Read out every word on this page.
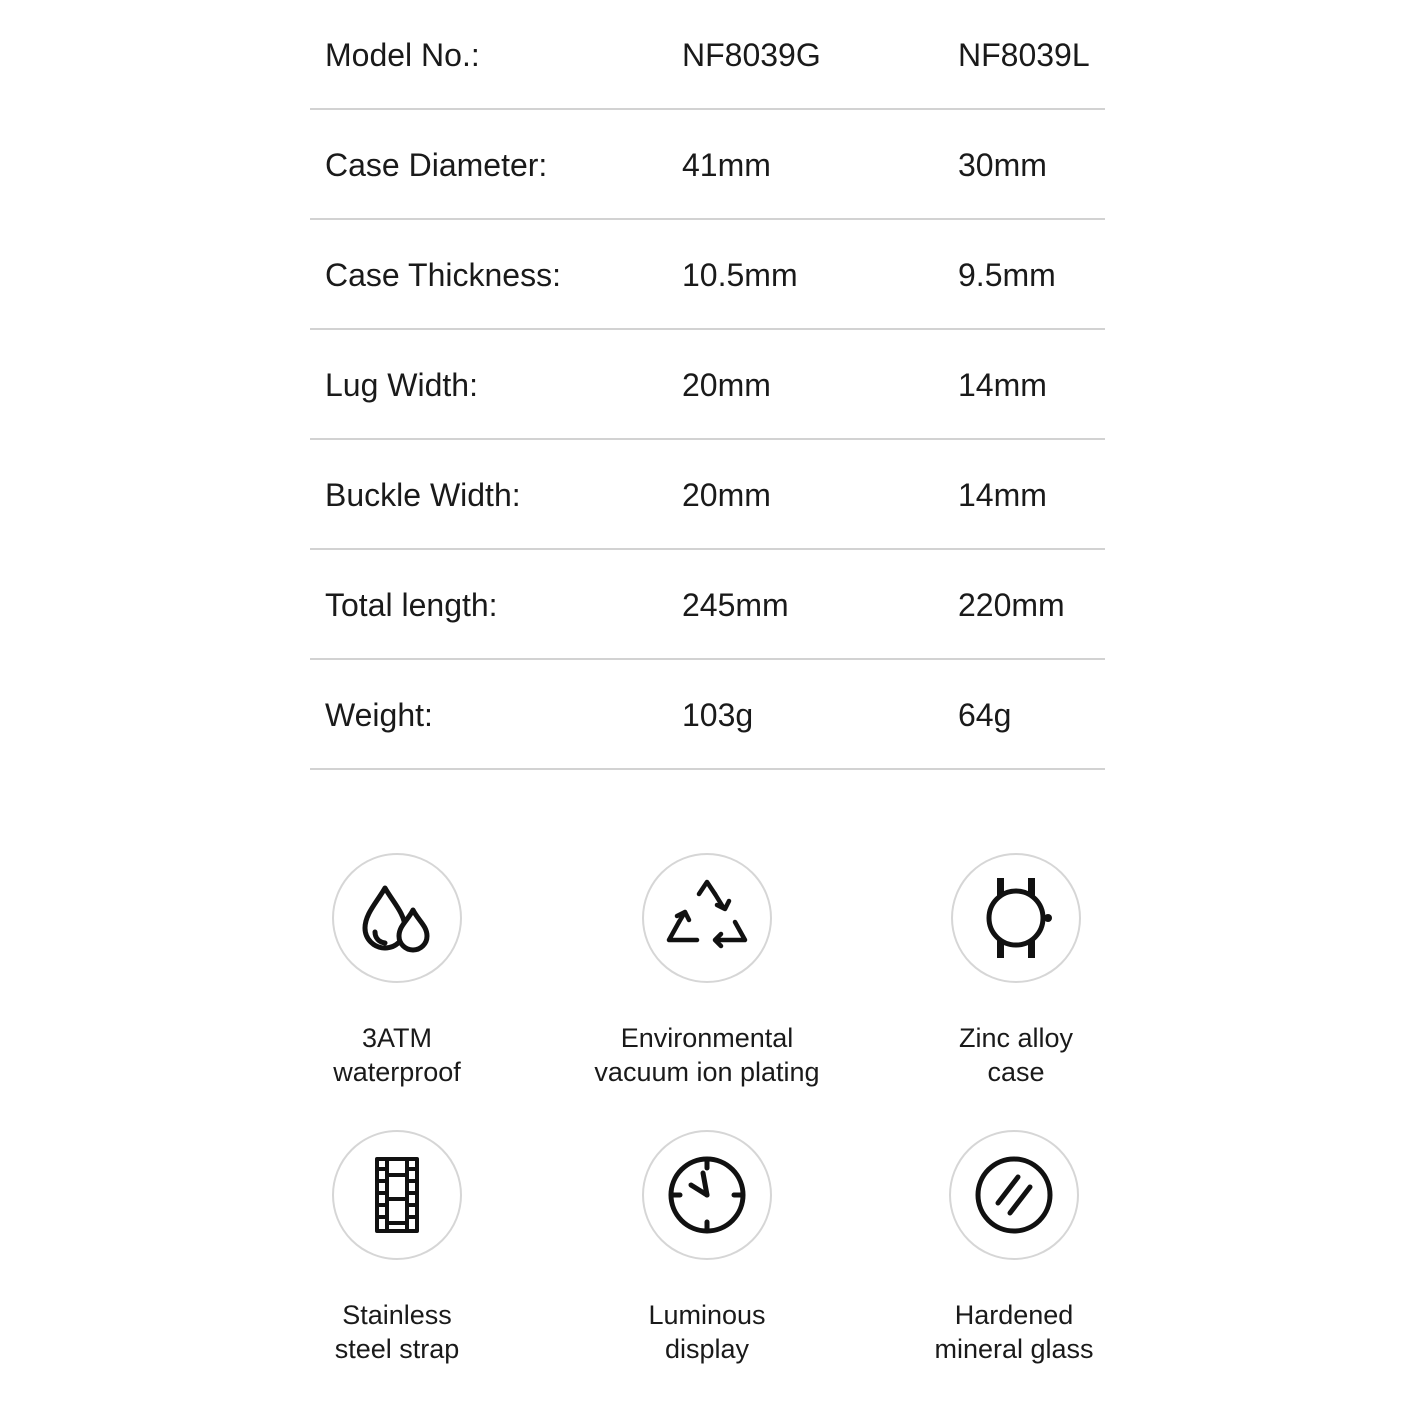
Model No.:	NF8039G	NF8039L
Case Diameter:	41mm	30mm
Case Thickness:	10.5mm	9.5mm
Lug Width:	20mm	14mm
Buckle Width:	20mm	14mm
Total length:	245mm	220mm
Weight:	103g	64g
3ATM
waterproof
Environmental
vacuum ion plating
Zinc alloy
case
Stainless
steel strap
Luminous
display
Hardened
mineral glass
